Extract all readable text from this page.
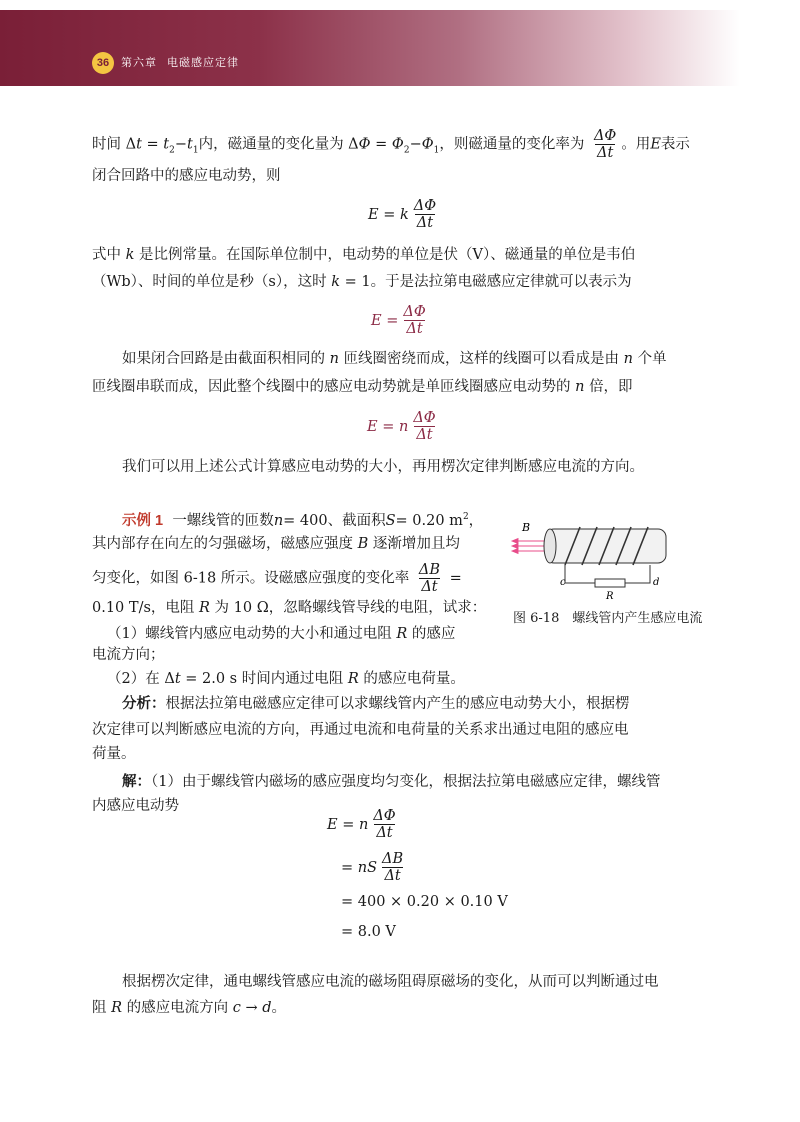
36	第六章 电磁感应定律
时间 $\Delta t = t_2-t_1$内，磁通量的变化量为 $\Delta\Phi = \Phi_2-\Phi_1$，则磁通量的变化率为 $\frac{\Delta\Phi}{\Delta t}$ 。用E表示
闭合回路中的感应电动势，则
E
=
k $\frac{\Delta\Phi}{\Delta t}$
式中 k 是比例常量。在国际单位制中，电动势的单位是伏（V）、磁通量的单位是韦伯
（Wb）、时间的单位是秒（s），这时 k = 1。于是法拉第电磁感应定律就可以表示为
E
= $\frac{\Delta\Phi}{\Delta t}$
如果闭合回路是由截面积相同的 n 匝线圈密绕而成，这样的线圈可以看成是由 n 个单
匝线圈串联而成，因此整个线圈中的感应电动势就是单匝线圈感应电动势的 n 倍，即
E
=
n $\frac{\Delta\Phi}{\Delta t}$
我们可以用上述公式计算感应电动势的大小，再用楞次定律判断感应电流的方向。
示例 1 一螺线管的匝数n= 400、截面积S= 0.20 $m^2$，
其内部存在向左的匀强磁场，磁感应强度 B 逐渐增加且均
匀变化，如图 6-18 所示。设磁感应强度的变化率 $\frac{\Delta B}{\Delta t}$ =
0.10 T/s，电阻 R 为 10 Ω，忽略螺线管导线的电阻，试求：
（1）螺线管内感应电动势的大小和通过电阻 R 的感应
电流方向；
（2）在 Δt = 2.0 s 时间内通过电阻 R 的感应电荷量。
B
c	d
R
图 6-18　螺线管内产生感应电流
分析：根据法拉第电磁感应定律可以求螺线管内产生的感应电动势大小，根据楞
次定律可以判断感应电流的方向，再通过电流和电荷量的关系求出通过电阻的感应电
荷量。
解：（1）由于螺线管内磁场的感应强度均匀变化，根据法拉第电磁感应定律，螺线管
内感应电动势
E
=
n $\frac{\Delta\Phi}{\Delta t}$
=
nS $\frac{\Delta B}{\Delta t}$
= 400 × 0.20 × 0.10 V
= 8.0 V
根据楞次定律，通电螺线管感应电流的磁场阻碍原磁场的变化，从而可以判断通过电
阻 R 的感应电流方向 c → d。
